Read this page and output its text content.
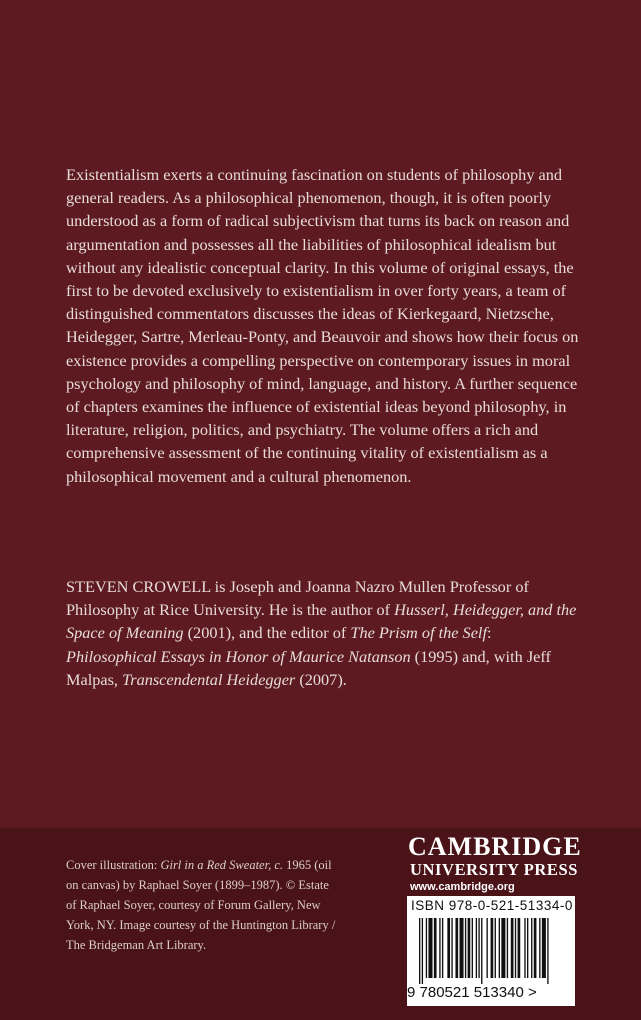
Existentialism exerts a continuing fascination on students of philosophy and general readers. As a philosophical phenomenon, though, it is often poorly understood as a form of radical subjectivism that turns its back on reason and argumentation and possesses all the liabilities of philosophical idealism but without any idealistic conceptual clarity. In this volume of original essays, the first to be devoted exclusively to existentialism in over forty years, a team of distinguished commentators discusses the ideas of Kierkegaard, Nietzsche, Heidegger, Sartre, Merleau-Ponty, and Beauvoir and shows how their focus on existence provides a compelling perspective on contemporary issues in moral psychology and philosophy of mind, language, and history. A further sequence of chapters examines the influence of existential ideas beyond philosophy, in literature, religion, politics, and psychiatry. The volume offers a rich and comprehensive assessment of the continuing vitality of existentialism as a philosophical movement and a cultural phenomenon.

STEVEN CROWELL is Joseph and Joanna Nazro Mullen Professor of Philosophy at Rice University. He is the author of Husserl, Heidegger, and the Space of Meaning (2001), and the editor of The Prism of the Self: Philosophical Essays in Honor of Maurice Natanson (1995) and, with Jeff Malpas, Transcendental Heidegger (2007).

Cover illustration: Girl in a Red Sweater, c. 1965 (oil on canvas) by Raphael Soyer (1899–1987). © Estate of Raphael Soyer, courtesy of Forum Gallery, New York, NY. Image courtesy of the Huntington Library / The Bridgeman Art Library.

CAMBRIDGE
UNIVERSITY PRESS
www.cambridge.org
ISBN 978-0-521-51334-0
9 780521 513340 >
